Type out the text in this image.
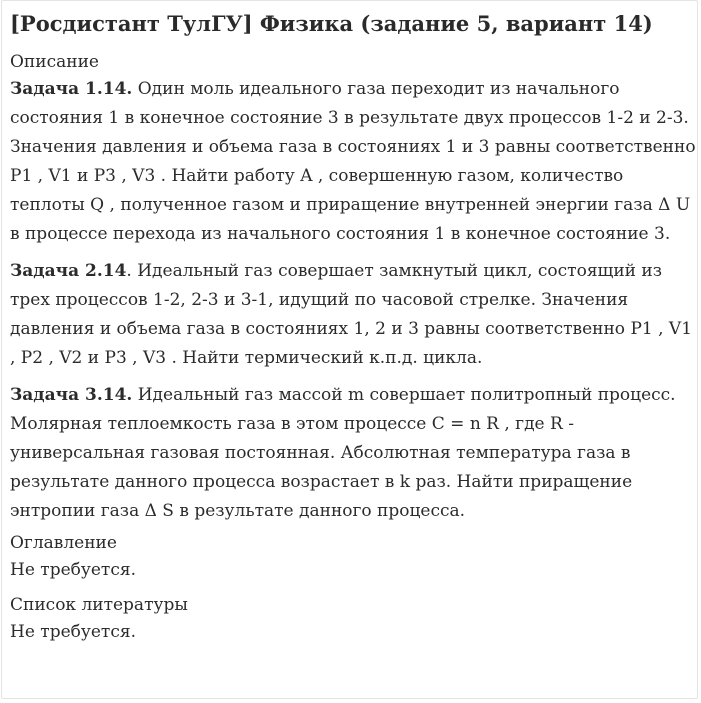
[Росдистант ТулГУ] Физика (задание 5, вариант 14)
Описание

Задача 1.14. Один моль идеального газа переходит из начального состояния 1 в конечное состояние 3 в результате двух процессов 1-2 и 2-3. Значения давления и объема газа в состояниях 1 и 3 равны соответственно P1 , V1 и P3 , V3 . Найти работу A , совершенную газом, количество теплоты Q , полученное газом и приращение внутренней энергии газа Δ U в процессе перехода из начального состояния 1 в конечное состояние 3.

Задача 2.14. Идеальный газ совершает замкнутый цикл, состоящий из трех процессов 1-2, 2-3 и 3-1, идущий по часовой стрелке. Значения давления и объема газа в состояниях 1, 2 и 3 равны соответственно P1 , V1 , P2 , V2 и P3 , V3 . Найти термический к.п.д. цикла.

Задача 3.14. Идеальный газ массой m совершает политропный процесс. Молярная теплоемкость газа в этом процессе C = n R , где R - универсальная газовая постоянная. Абсолютная температура газа в результате данного процесса возрастает в k раз. Найти приращение энтропии газа Δ S в результате данного процесса.

Оглавление
Не требуется.
Список литературы
Не требуется.
